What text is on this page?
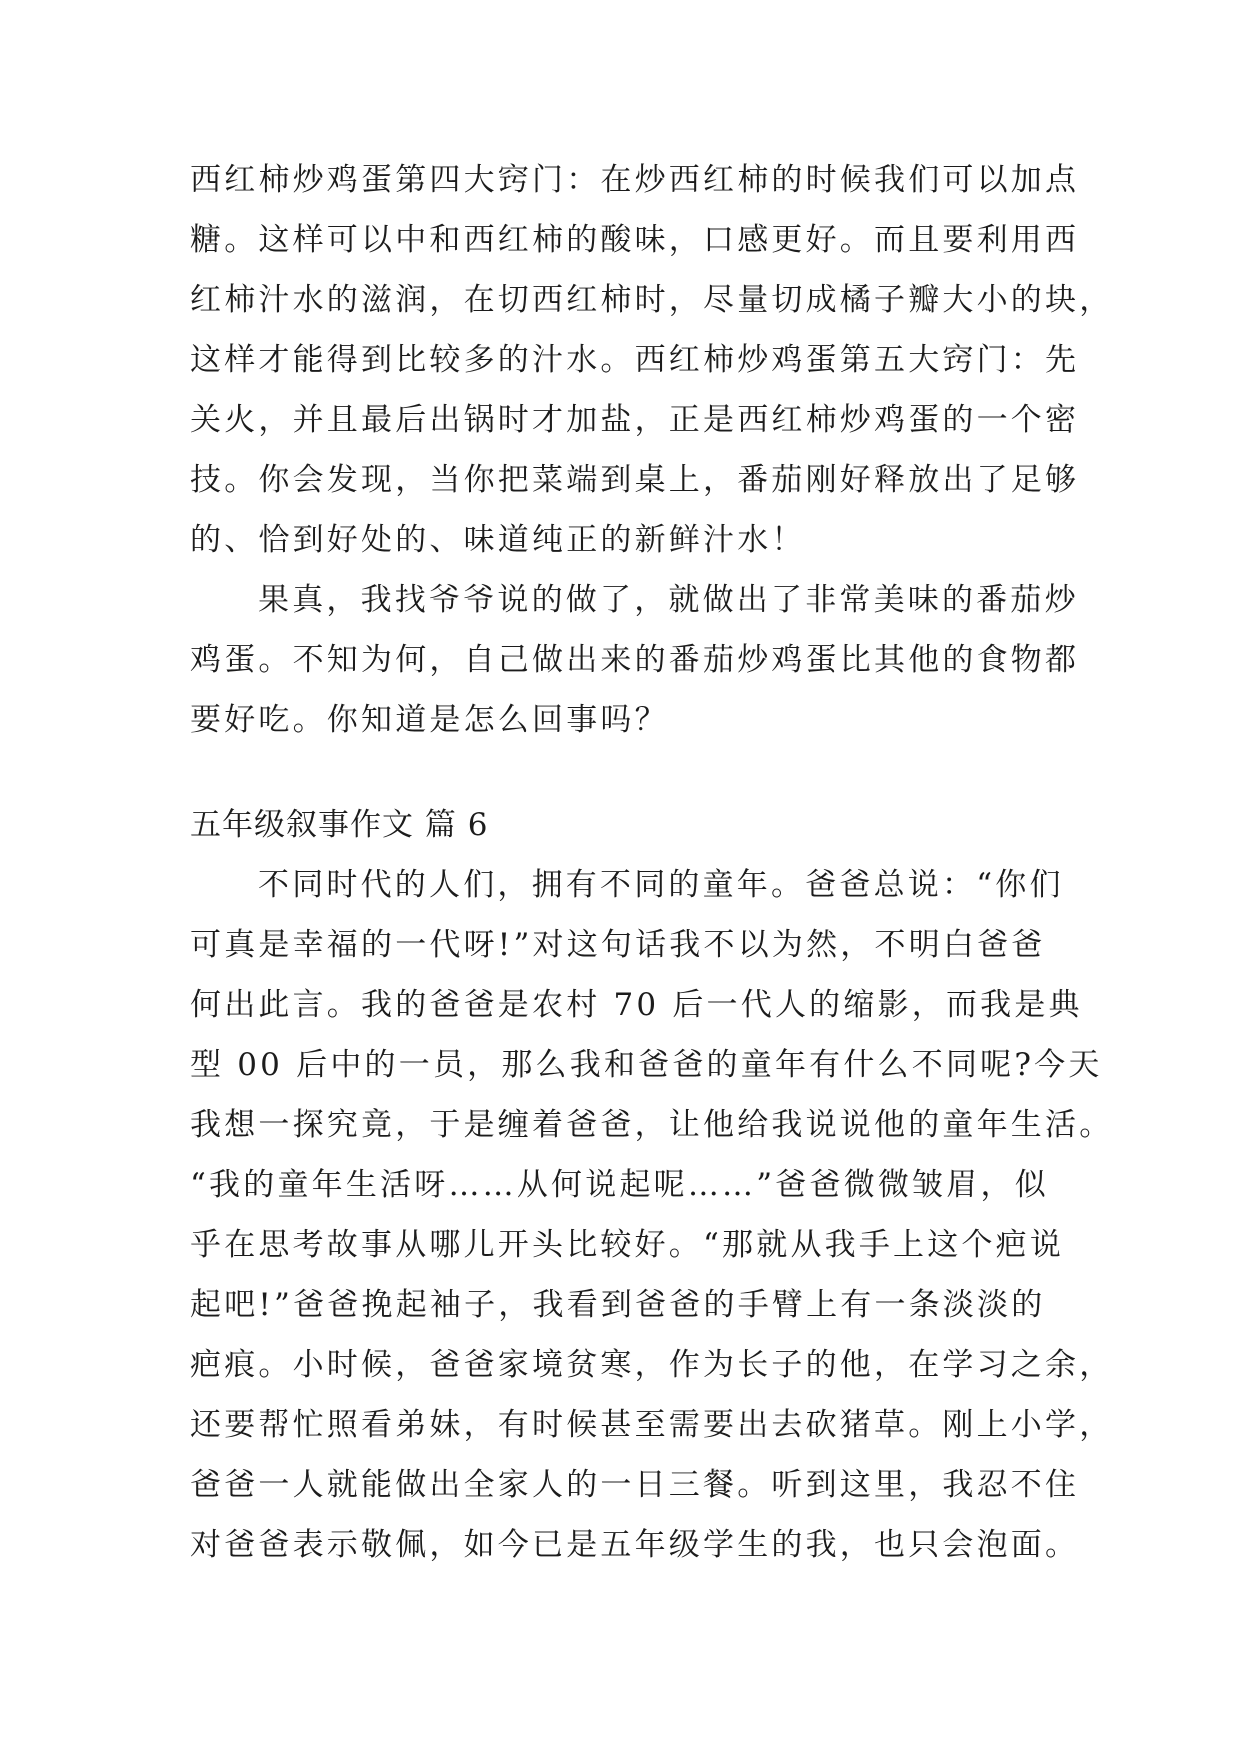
西红柿炒鸡蛋第四大窍门：在炒西红柿的时候我们可以加点
糖。这样可以中和西红柿的酸味，口感更好。而且要利用西
红柿汁水的滋润，在切西红柿时，尽量切成橘子瓣大小的块，
这样才能得到比较多的汁水。西红柿炒鸡蛋第五大窍门：先
关火，并且最后出锅时才加盐，正是西红柿炒鸡蛋的一个密
技。你会发现，当你把菜端到桌上，番茄刚好释放出了足够
的、恰到好处的、味道纯正的新鲜汁水！
果真，我找爷爷说的做了，就做出了非常美味的番茄炒
鸡蛋。不知为何，自己做出来的番茄炒鸡蛋比其他的食物都
要好吃。你知道是怎么回事吗？
五年级叙事作文 篇 6
不同时代的人们，拥有不同的童年。爸爸总说：“你们
可真是幸福的一代呀!”对这句话我不以为然，不明白爸爸
何出此言。我的爸爸是农村 70 后一代人的缩影，而我是典
型 00 后中的一员，那么我和爸爸的童年有什么不同呢?今天
我想一探究竟，于是缠着爸爸，让他给我说说他的童年生活。
“我的童年生活呀……从何说起呢……”爸爸微微皱眉，似
乎在思考故事从哪儿开头比较好。“那就从我手上这个疤说
起吧!”爸爸挽起袖子，我看到爸爸的手臂上有一条淡淡的
疤痕。小时候，爸爸家境贫寒，作为长子的他，在学习之余，
还要帮忙照看弟妹，有时候甚至需要出去砍猪草。刚上小学，
爸爸一人就能做出全家人的一日三餐。听到这里，我忍不住
对爸爸表示敬佩，如今已是五年级学生的我，也只会泡面。
